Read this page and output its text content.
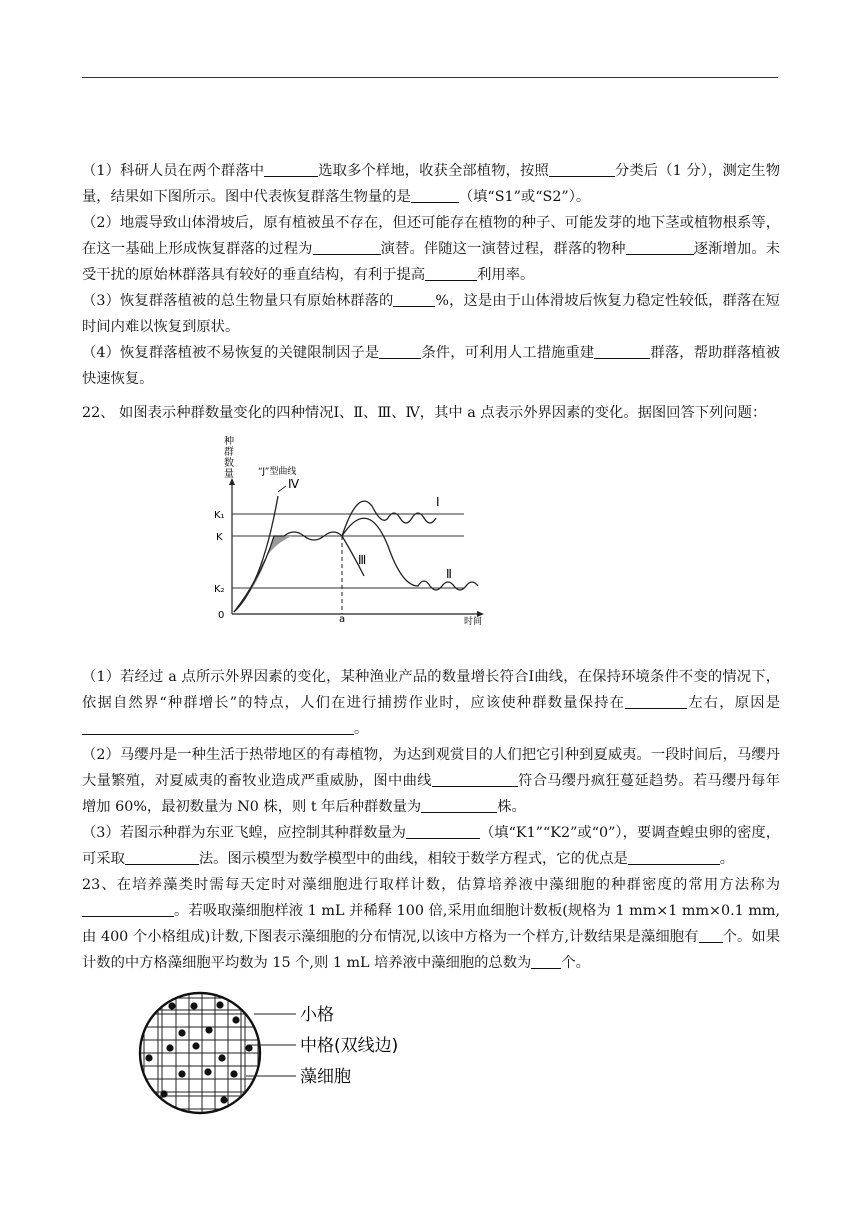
（1）科研人员在两个群落中	选取多个样地，收获全部植物，按照	分类后（1 分），测定生物量，结果如下图所示。图中代表恢复群落生物量的是	（填“S1”或“S2”）。

（2）地震导致山体滑坡后，原有植被虽不存在，但还可能存在植物的种子、可能发芽的地下茎或植物根系等，在这一基础上形成恢复群落的过程为	演替。伴随这一演替过程，群落的物种	逐渐增加。未受干扰的原始林群落具有较好的垂直结构，有利于提高	利用率。

（3）恢复群落植被的总生物量只有原始林群落的	%，这是由于山体滑坡后恢复力稳定性较低，群落在短时间内难以恢复到原状。

（4）恢复群落植被不易恢复的关键限制因子是	条件，可利用人工措施重建	群落，帮助群落植被快速恢复。

22、 如图表示种群数量变化的四种情况Ⅰ、Ⅱ、Ⅲ、Ⅳ，其中 a 点表示外界因素的变化。据图回答下列问题：

种
群
数
量
时间
K₁
K
K₂
0	a
“J”型曲线
Ⅳ
Ⅰ
Ⅱ
Ⅲ

（1）若经过 a 点所示外界因素的变化，某种渔业产品的数量增长符合Ⅰ曲线，在保持环境条件不变的情况下，依据自然界“种群增长”的特点，人们在进行捕捞作业时，应该使种群数量保持在	左右，原因是。

（2）马缨丹是一种生活于热带地区的有毒植物，为达到观赏目的人们把它引种到夏威夷。一段时间后，马缨丹大量繁殖，对夏威夷的畜牧业造成严重威胁，图中曲线	符合马缨丹疯狂蔓延趋势。若马缨丹每年增加 60%，最初数量为 N0 株，则 t 年后种群数量为	株。

（3）若图示种群为东亚飞蝗，应控制其种群数量为	（填“K1”“K2”或“0”），要调查蝗虫卵的密度，可采取	法。图示模型为数学模型中的曲线，相较于数学方程式，它的优点是	。

23、在培养藻类时需每天定时对藻细胞进行取样计数，估算培养液中藻细胞的种群密度的常用方法称为。若吸取藻细胞样液 1 mL 并稀释 100 倍,采用血细胞计数板(规格为 1 mm×1 mm×0.1 mm,由 400 个小格组成)计数,下图表示藻细胞的分布情况,以该中方格为一个样方,计数结果是藻细胞有 个。如果计数的中方格藻细胞平均数为 15 个,则 1 mL 培养液中藻细胞的总数为 个。

小格
中格(双线边)
藻细胞
